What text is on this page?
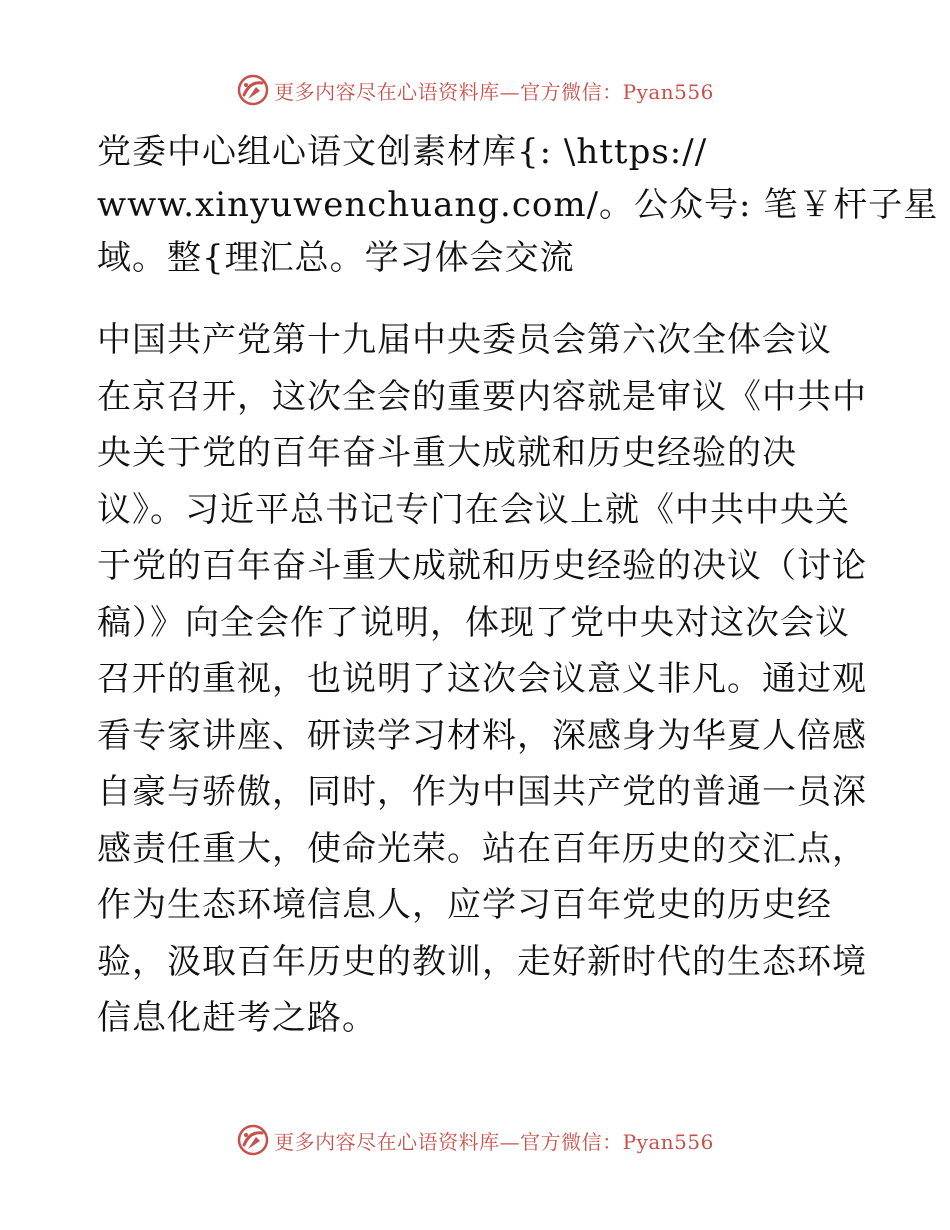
更多内容尽在心语资料库—官方微信：Pyan556
党委中心组心语文创素材库{: \https://
www.xinyuwenchuang.com/。公众号: 笔￥杆子星
域。整{理汇总。学习体会交流
中国共产党第十九届中央委员会第六次全体会议
在京召开，这次全会的重要内容就是审议《中共中
央关于党的百年奋斗重大成就和历史经验的决
议》。习近平总书记专门在会议上就《中共中央关
于党的百年奋斗重大成就和历史经验的决议（讨论
稿）》向全会作了说明，体现了党中央对这次会议
召开的重视，也说明了这次会议意义非凡。通过观
看专家讲座、研读学习材料，深感身为华夏人倍感
自豪与骄傲，同时，作为中国共产党的普通一员深
感责任重大，使命光荣。站在百年历史的交汇点，
作为生态环境信息人，应学习百年党史的历史经
验，汲取百年历史的教训，走好新时代的生态环境
信息化赶考之路。
更多内容尽在心语资料库—官方微信：Pyan556
